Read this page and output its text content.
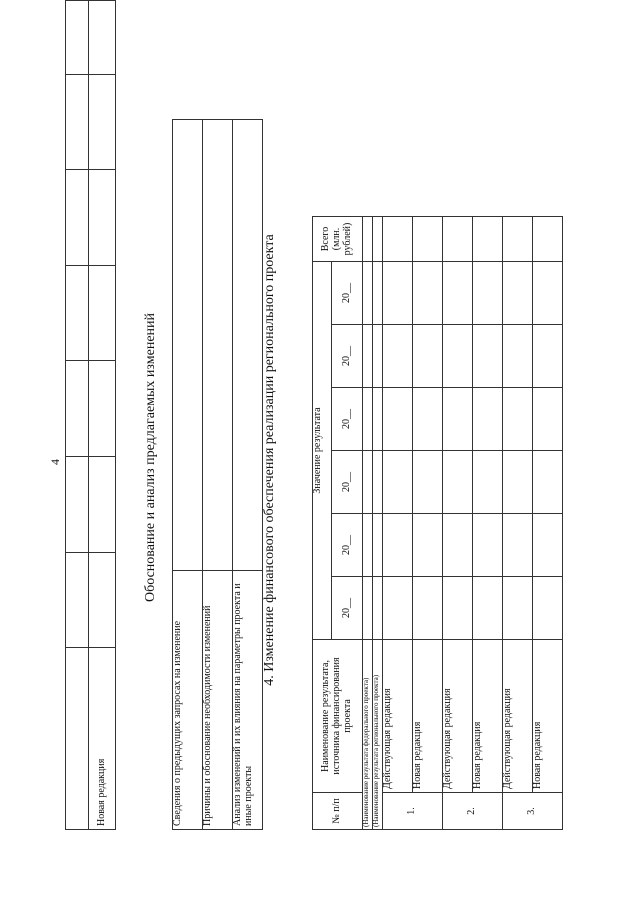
4

Новая редакция							
Обоснование и анализ предлагаемых изменений
Сведения о предыдущих запросах на изменение	
Причины и обоснование необходимости изменений	
Анализ изменений и их влияния на параметры проекта и иные проекты	
4. Изменение финансового обеспечения реализации регионального проекта
№ п/п	Наименование результата, источника финансирования проекта	Значение результата						Всего (млн. рублей)
		20__	20__	20__	20__	20__	20__	
(Наименование результата федерального проекта)								
(Наименование результата регионального проекта)								
1.	Действующая редакция							
	Новая редакция							
2.	Действующая редакция							
	Новая редакция							
3.	Действующая редакция							
	Новая редакция							
